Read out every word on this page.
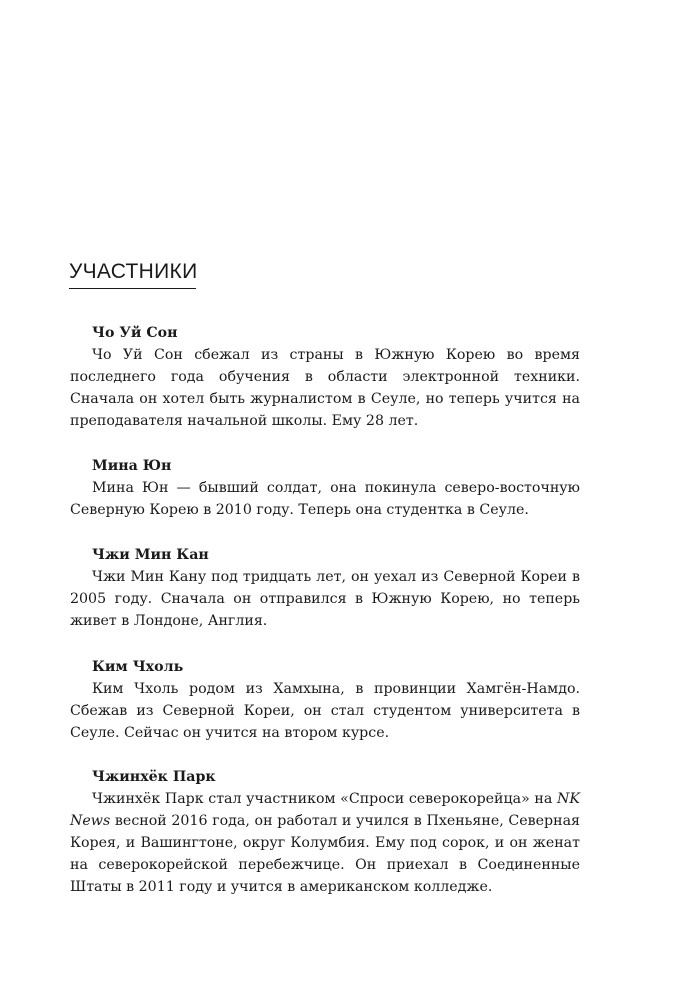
УЧАСТНИКИ

Чо Уй Сон

Чо Уй Сон сбежал из страны в Южную Корею во время последнего года обучения в области электронной техники. Сначала он хотел быть журналистом в Сеуле, но теперь учится на преподавателя начальной школы. Ему 28 лет.

Мина Юн

Мина Юн — бывший солдат, она покинула северо-восточную Северную Корею в 2010 году. Теперь она студентка в Сеуле.

Чжи Мин Кан

Чжи Мин Кану под тридцать лет, он уехал из Северной Кореи в 2005 году. Сначала он отправился в Южную Корею, но теперь живет в Лондоне, Англия.

Ким Чхоль

Ким Чхоль родом из Хамхына, в провинции Хамгён-Намдо. Сбежав из Северной Кореи, он стал студентом университета в Сеуле. Сейчас он учится на втором курсе.

Чжинхёк Парк

Чжинхёк Парк стал участником «Спроси северокорейца» на NK News весной 2016 года, он работал и учился в Пхеньяне, Северная Корея, и Вашингтоне, округ Колумбия. Ему под сорок, и он женат на северокорейской перебежчице. Он приехал в Соединенные Штаты в 2011 году и учится в американском колледже.
